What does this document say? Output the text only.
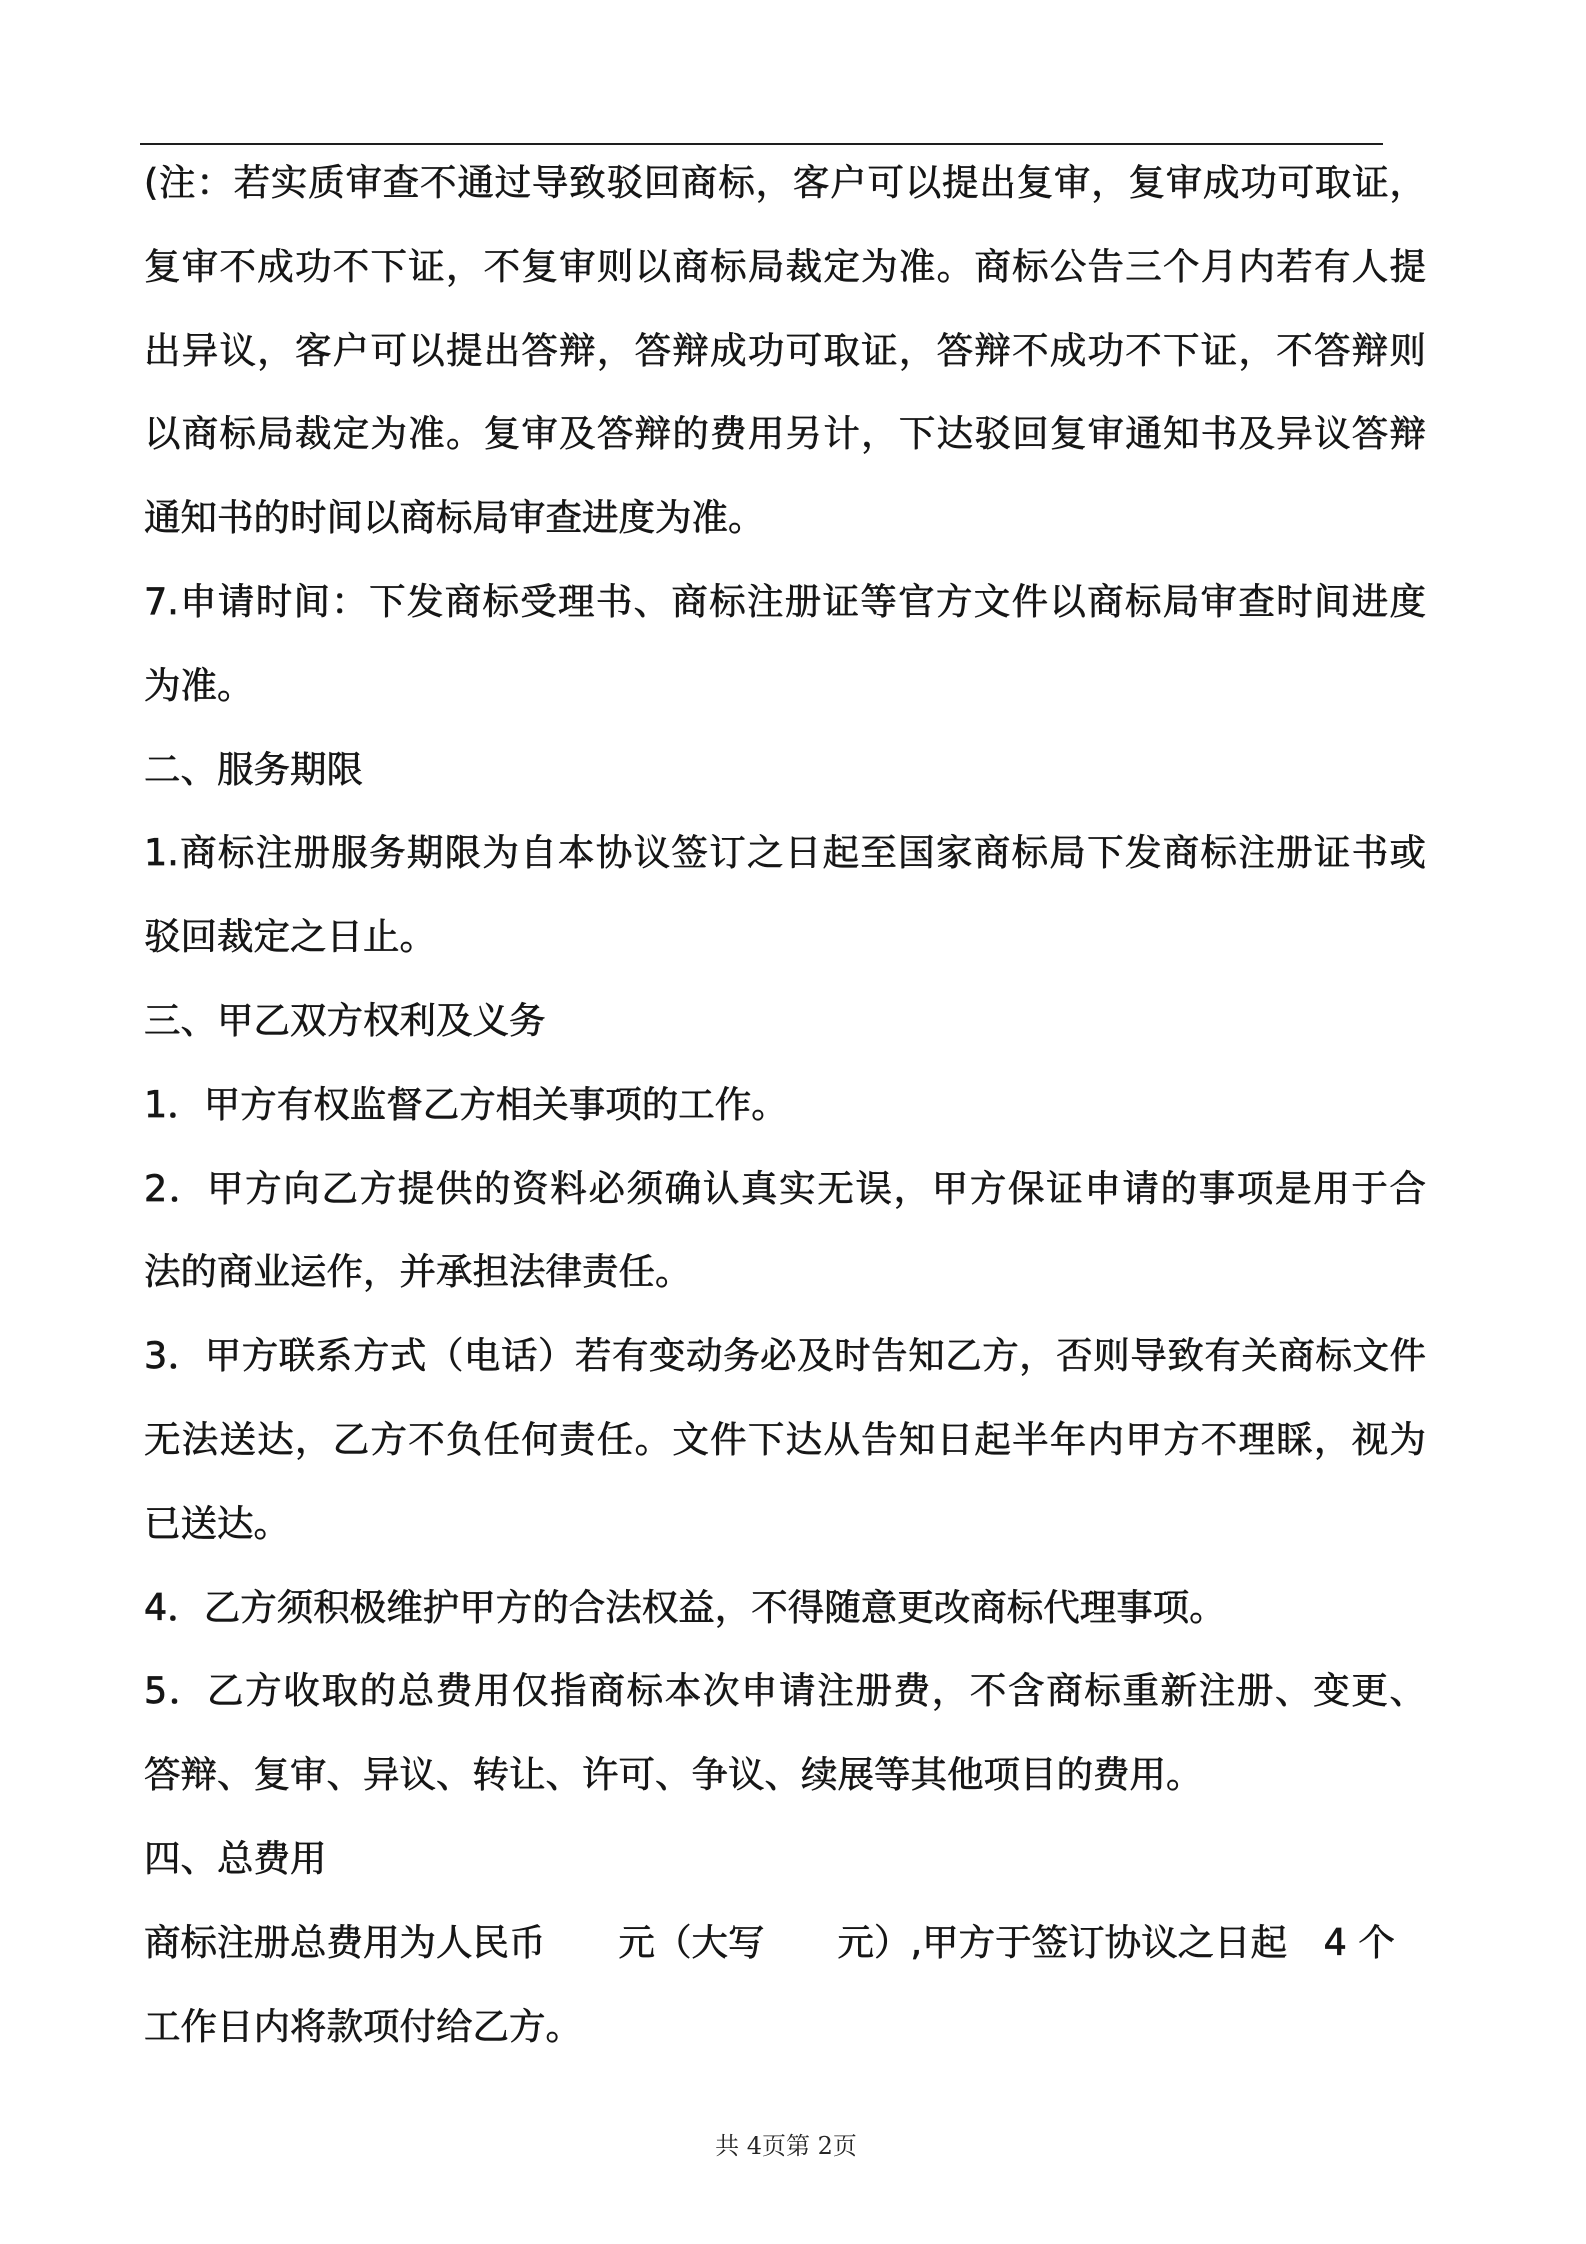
(注：若实质审查不通过导致驳回商标，客户可以提出复审，复审成功可取证，
复审不成功不下证，不复审则以商标局裁定为准。商标公告三个月内若有人提
出异议，客户可以提出答辩，答辩成功可取证，答辩不成功不下证，不答辩则
以商标局裁定为准。复审及答辩的费用另计，下达驳回复审通知书及异议答辩
通知书的时间以商标局审查进度为准。
7.申请时间：下发商标受理书、商标注册证等官方文件以商标局审查时间进度
为准。
二、服务期限
1.商标注册服务期限为自本协议签订之日起至国家商标局下发商标注册证书或
驳回裁定之日止。
三、甲乙双方权利及义务
1．甲方有权监督乙方相关事项的工作。
2．甲方向乙方提供的资料必须确认真实无误，甲方保证申请的事项是用于合
法的商业运作，并承担法律责任。
3．甲方联系方式（电话）若有变动务必及时告知乙方，否则导致有关商标文件
无法送达，乙方不负任何责任。文件下达从告知日起半年内甲方不理睬，视为
已送达。
4．乙方须积极维护甲方的合法权益，不得随意更改商标代理事项。
5．乙方收取的总费用仅指商标本次申请注册费，不含商标重新注册、变更、
答辩、复审、异议、转让、许可、争议、续展等其他项目的费用。
四、总费用
商标注册总费用为人民币　　元（大写　　元）,甲方于签订协议之日起　4 个
工作日内将款项付给乙方。
共 4页第 2页
